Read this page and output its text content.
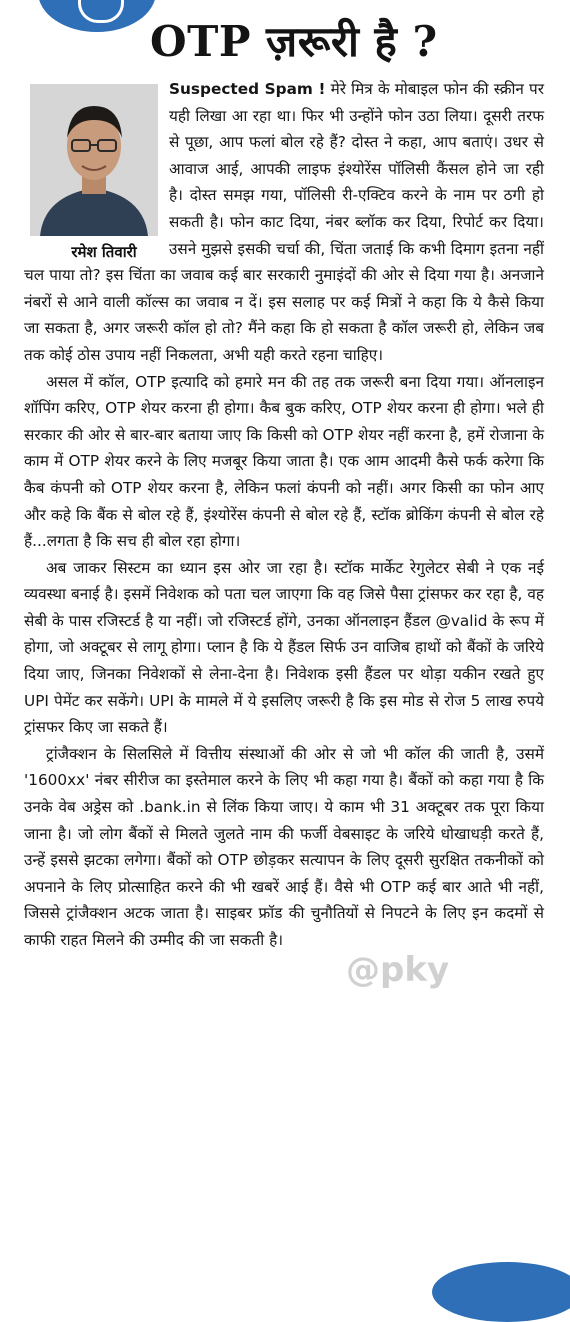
OTP ज़रूरी है ?

Suspected Spam ! मेरे मित्र के मोबाइल फोन की स्क्रीन पर यही लिखा आ रहा था। फिर भी उन्होंने फोन उठा लिया। दूसरी तरफ से पूछा, आप फलां बोल रहे हैं? दोस्त ने कहा, आप बताएं। उधर से आवाज आई, आपकी लाइफ इंश्योरेंस पॉलिसी कैंसल होने जा रही है। दोस्त समझ गया, पॉलिसी री-एक्टिव करने के नाम पर ठगी हो सकती है। फोन काट दिया, नंबर ब्लॉक कर दिया, रिपोर्ट कर दिया। उसने मुझसे इसकी चर्चा की, चिंता जताई कि कभी दिमाग इतना नहीं चल पाया तो? इस चिंता का जवाब कई बार सरकारी नुमाइंदों की ओर से दिया गया है। अनजाने नंबरों से आने वाली कॉल्स का जवाब न दें। इस सलाह पर कई मित्रों ने कहा कि ये कैसे किया जा सकता है, अगर जरूरी कॉल हो तो? मैंने कहा कि हो सकता है कॉल जरूरी हो, लेकिन जब तक कोई ठोस उपाय नहीं निकलता, अभी यही करते रहना चाहिए।

असल में कॉल, OTP इत्यादि को हमारे मन की तह तक जरूरी बना दिया गया। ऑनलाइन शॉपिंग करिए, OTP शेयर करना ही होगा। कैब बुक करिए, OTP शेयर करना ही होगा। भले ही सरकार की ओर से बार-बार बताया जाए कि किसी को OTP शेयर नहीं करना है, हमें रोजाना के काम में OTP शेयर करने के लिए मजबूर किया जाता है। एक आम आदमी कैसे फर्क करेगा कि कैब कंपनी को OTP शेयर करना है, लेकिन फलां कंपनी को नहीं। अगर किसी का फोन आए और कहे कि बैंक से बोल रहे हैं, इंश्योरेंस कंपनी से बोल रहे हैं, स्टॉक ब्रोकिंग कंपनी से बोल रहे हैं...लगता है कि सच ही बोल रहा होगा।

अब जाकर सिस्टम का ध्यान इस ओर जा रहा है। स्टॉक मार्केट रेगुलेटर सेबी ने एक नई व्यवस्था बनाई है। इसमें निवेशक को पता चल जाएगा कि वह जिसे पैसा ट्रांसफर कर रहा है, वह सेबी के पास रजिस्टर्ड है या नहीं। जो रजिस्टर्ड होंगे, उनका ऑनलाइन हैंडल @valid के रूप में होगा, जो अक्टूबर से लागू होगा। प्लान है कि ये हैंडल सिर्फ उन वाजिब हाथों को बैंकों के जरिये दिया जाए, जिनका निवेशकों से लेना-देना है। निवेशक इसी हैंडल पर थोड़ा यकीन रखते हुए UPI पेमेंट कर सकेंगे। UPI के मामले में ये इसलिए जरूरी है कि इस मोड से रोज 5 लाख रुपये ट्रांसफर किए जा सकते हैं।

ट्रांजैक्शन के सिलसिले में वित्तीय संस्थाओं की ओर से जो भी कॉल की जाती है, उसमें '1600xx' नंबर सीरीज का इस्तेमाल करने के लिए भी कहा गया है। बैंकों को कहा गया है कि उनके वेब अड्रेस को .bank.in से लिंक किया जाए। ये काम भी 31 अक्टूबर तक पूरा किया जाना है। जो लोग बैंकों से मिलते जुलते नाम की फर्जी वेबसाइट के जरिये धोखाधड़ी करते हैं, उन्हें इससे झटका लगेगा। बैंकों को OTP छोड़कर सत्यापन के लिए दूसरी सुरक्षित तकनीकों को अपनाने के लिए प्रोत्साहित करने की भी खबरें आई हैं। वैसे भी OTP कई बार आते भी नहीं, जिससे ट्रांजैक्शन अटक जाता है। साइबर फ्रॉड की चुनौतियों से निपटने के लिए इन कदमों से काफी राहत मिलने की उम्मीद की जा सकती है।

रमेश तिवारी
@pky
